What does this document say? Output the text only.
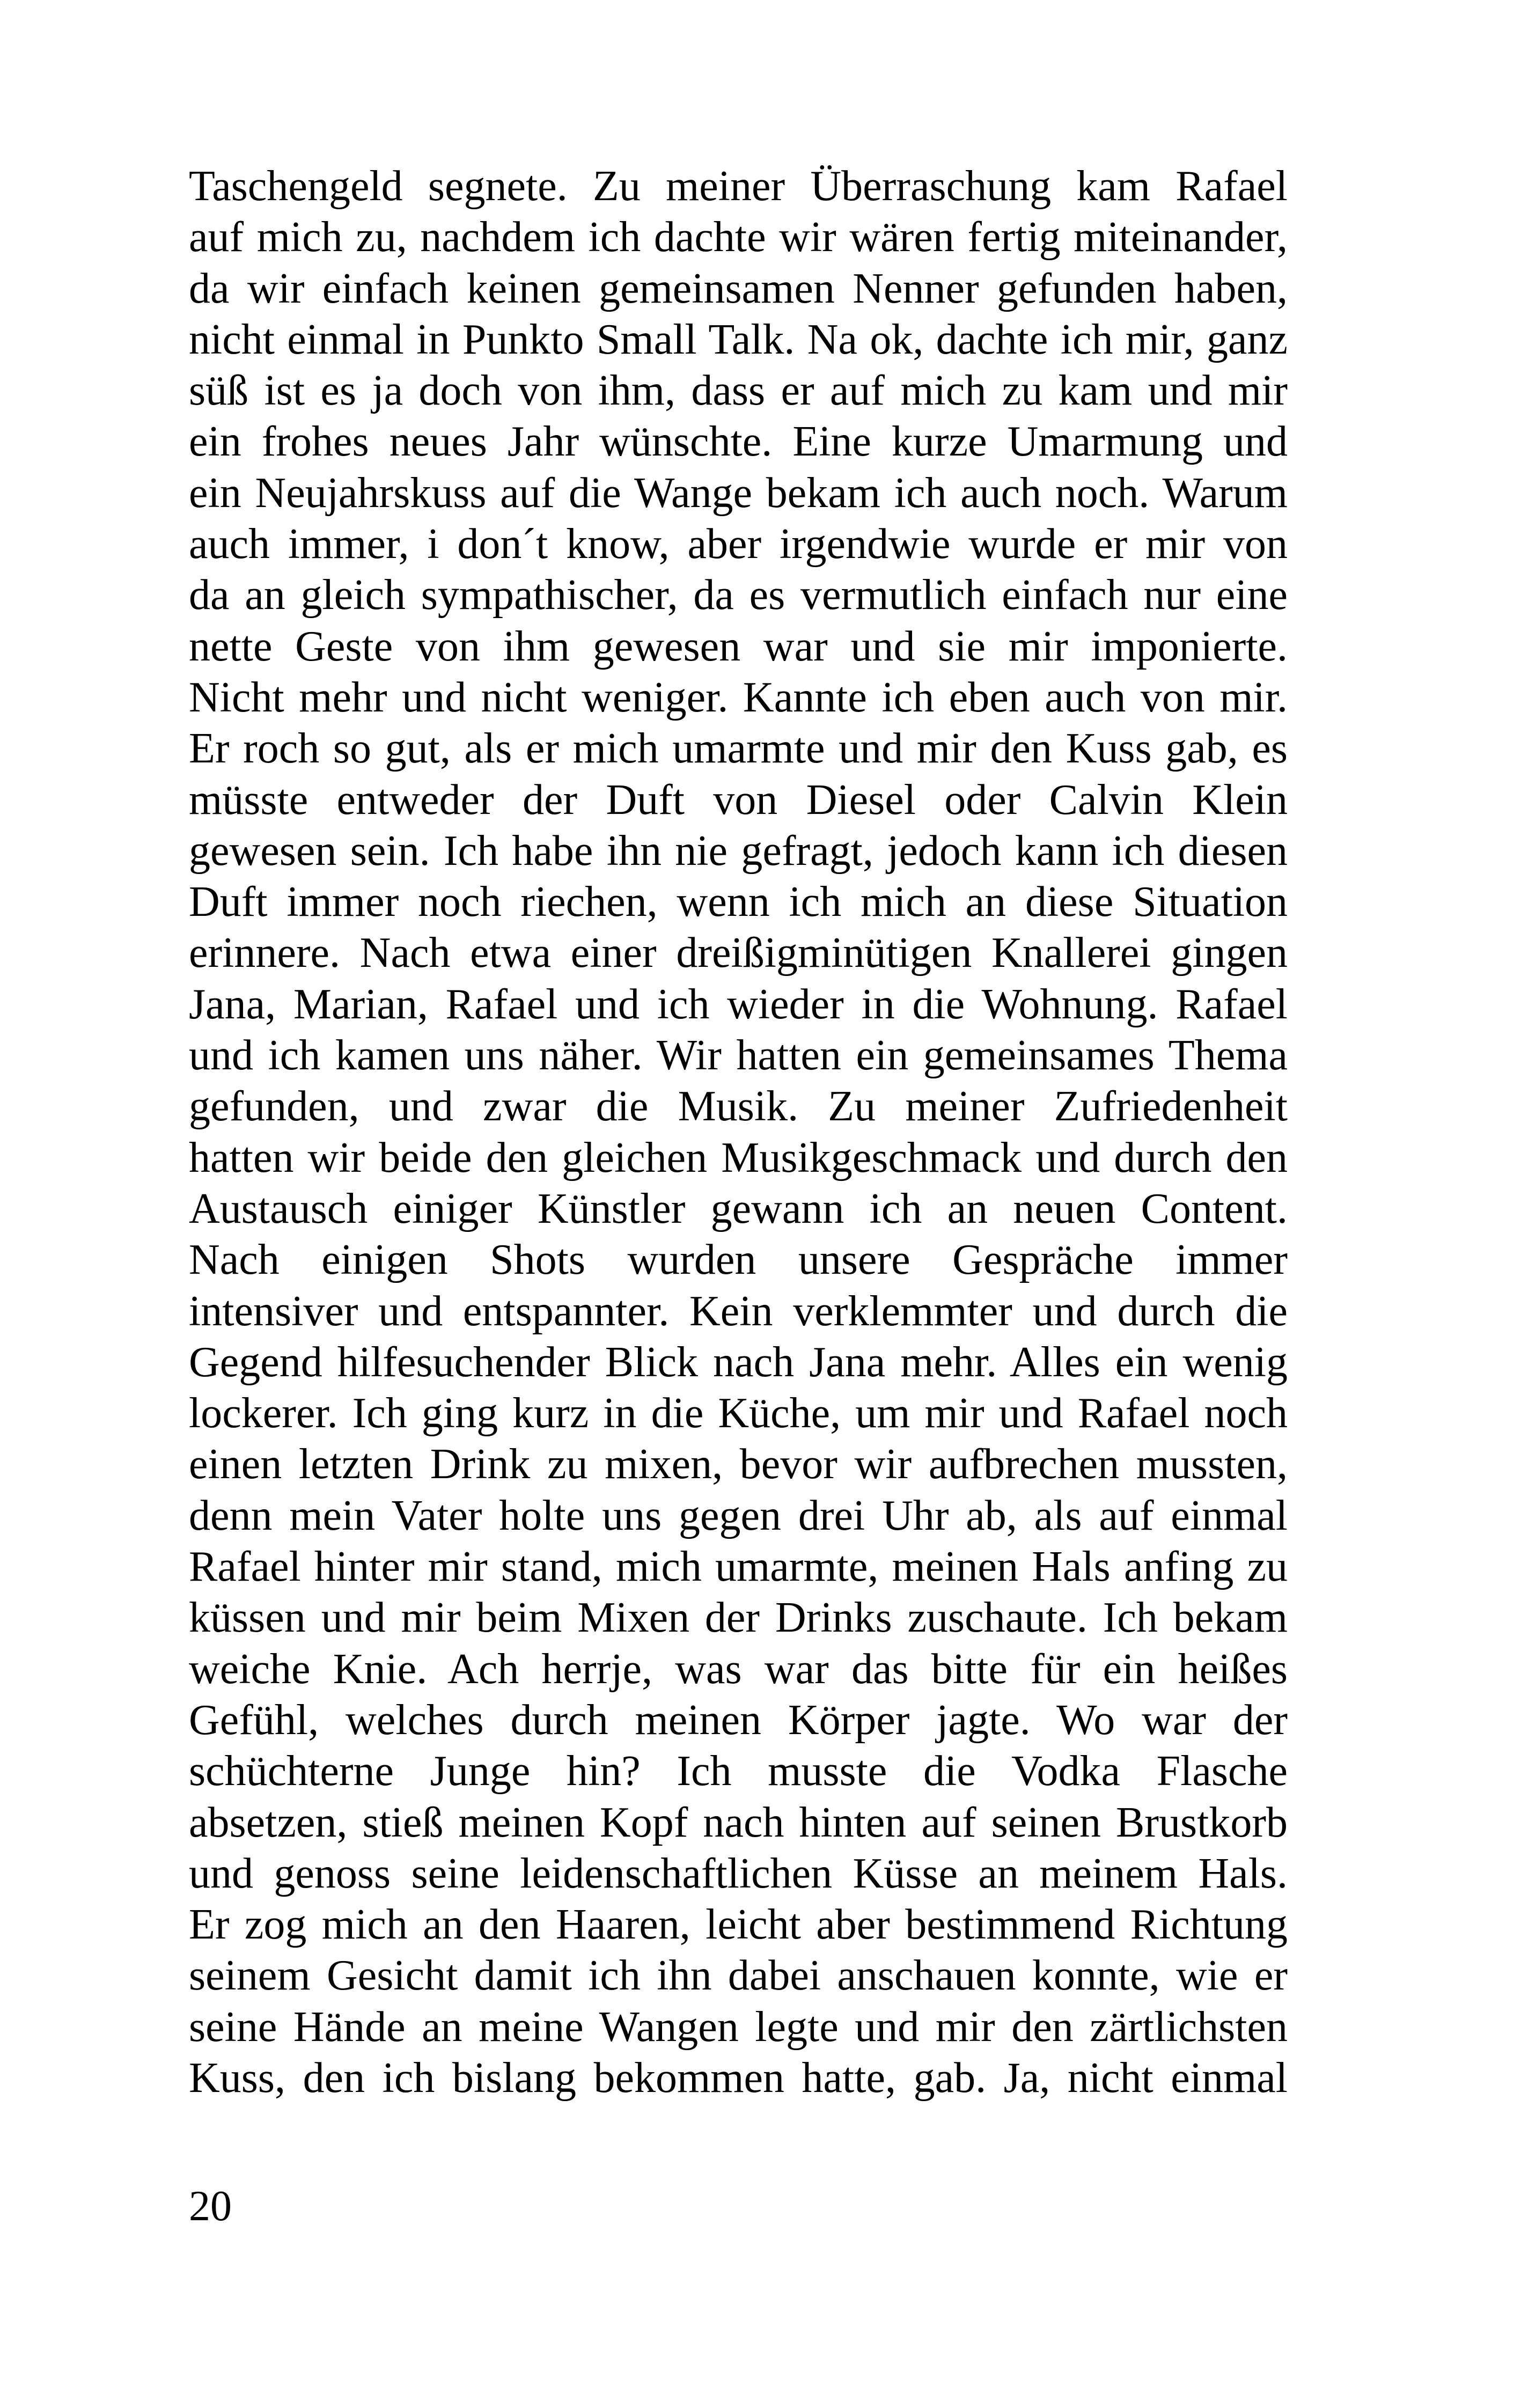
Taschengeld segnete. Zu meiner Überraschung kam Rafael
auf mich zu, nachdem ich dachte wir wären fertig miteinander,
da wir einfach keinen gemeinsamen Nenner gefunden haben,
nicht einmal in Punkto Small Talk. Na ok, dachte ich mir, ganz
süß ist es ja doch von ihm, dass er auf mich zu kam und mir
ein frohes neues Jahr wünschte. Eine kurze Umarmung und
ein Neujahrskuss auf die Wange bekam ich auch noch. Warum
auch immer, i don´t know, aber irgendwie wurde er mir von
da an gleich sympathischer, da es vermutlich einfach nur eine
nette Geste von ihm gewesen war und sie mir imponierte.
Nicht mehr und nicht weniger. Kannte ich eben auch von mir.
Er roch so gut, als er mich umarmte und mir den Kuss gab, es
müsste entweder der Duft von Diesel oder Calvin Klein
gewesen sein. Ich habe ihn nie gefragt, jedoch kann ich diesen
Duft immer noch riechen, wenn ich mich an diese Situation
erinnere. Nach etwa einer dreißigminütigen Knallerei gingen
Jana, Marian, Rafael und ich wieder in die Wohnung. Rafael
und ich kamen uns näher. Wir hatten ein gemeinsames Thema
gefunden, und zwar die Musik. Zu meiner Zufriedenheit
hatten wir beide den gleichen Musikgeschmack und durch den
Austausch einiger Künstler gewann ich an neuen Content.
Nach einigen Shots wurden unsere Gespräche immer
intensiver und entspannter. Kein verklemmter und durch die
Gegend hilfesuchender Blick nach Jana mehr. Alles ein wenig
lockerer. Ich ging kurz in die Küche, um mir und Rafael noch
einen letzten Drink zu mixen, bevor wir aufbrechen mussten,
denn mein Vater holte uns gegen drei Uhr ab, als auf einmal
Rafael hinter mir stand, mich umarmte, meinen Hals anfing zu
küssen und mir beim Mixen der Drinks zuschaute. Ich bekam
weiche Knie. Ach herrje, was war das bitte für ein heißes
Gefühl, welches durch meinen Körper jagte. Wo war der
schüchterne Junge hin? Ich musste die Vodka Flasche
absetzen, stieß meinen Kopf nach hinten auf seinen Brustkorb
und genoss seine leidenschaftlichen Küsse an meinem Hals.
Er zog mich an den Haaren, leicht aber bestimmend Richtung
seinem Gesicht damit ich ihn dabei anschauen konnte, wie er
seine Hände an meine Wangen legte und mir den zärtlichsten
Kuss, den ich bislang bekommen hatte, gab. Ja, nicht einmal
20
